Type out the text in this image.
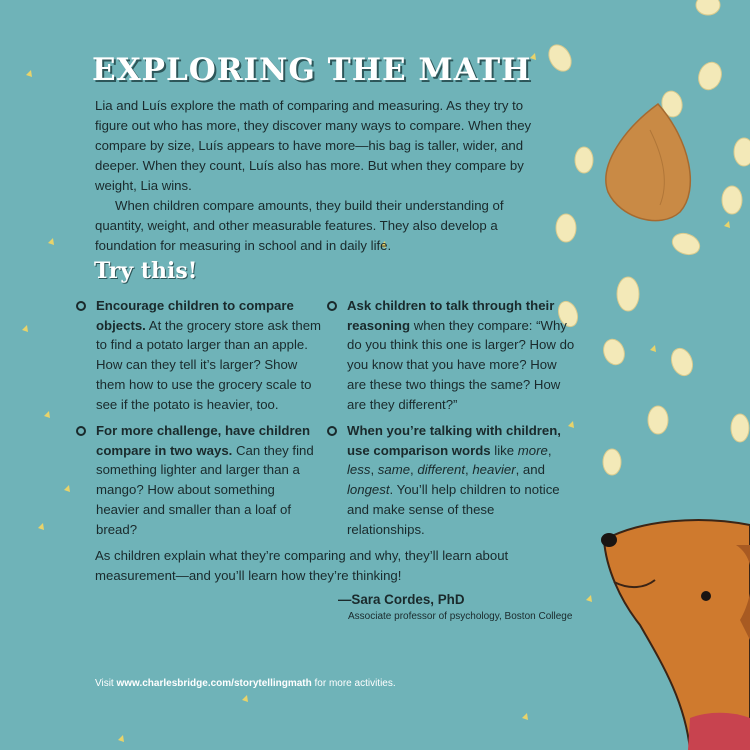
EXPLORING THE MATH

Lia and Luís explore the math of comparing and measuring. As they try to figure out who has more, they discover many ways to compare. When they compare by size, Luís appears to have more—his bag is taller, wider, and deeper. When they count, Luís also has more. But when they compare by weight, Lia wins.

When children compare amounts, they build their understanding of quantity, weight, and other measurable features. They also develop a foundation for measuring in school and in daily life.

Try this!

Encourage children to compare objects. At the grocery store ask them to find a potato larger than an apple. How can they tell it’s larger? Show them how to use the grocery scale to see if the potato is heavier, too.

Ask children to talk through their reasoning when they compare: “Why do you think this one is larger? How do you know that you have more? How are these two things the same? How are they different?”

For more challenge, have children compare in two ways. Can they find something lighter and larger than a mango? How about something heavier and smaller than a loaf of bread?

When you’re talking with children, use comparison words like more, less, same, different, heavier, and longest. You’ll help children to notice and make sense of these relationships.

As children explain what they’re comparing and why, they’ll learn about measurement—and you’ll learn how they’re thinking!

—Sara Cordes, PhD
Associate professor of psychology, Boston College
Visit www.charlesbridge.com/storytellingmath for more activities.
